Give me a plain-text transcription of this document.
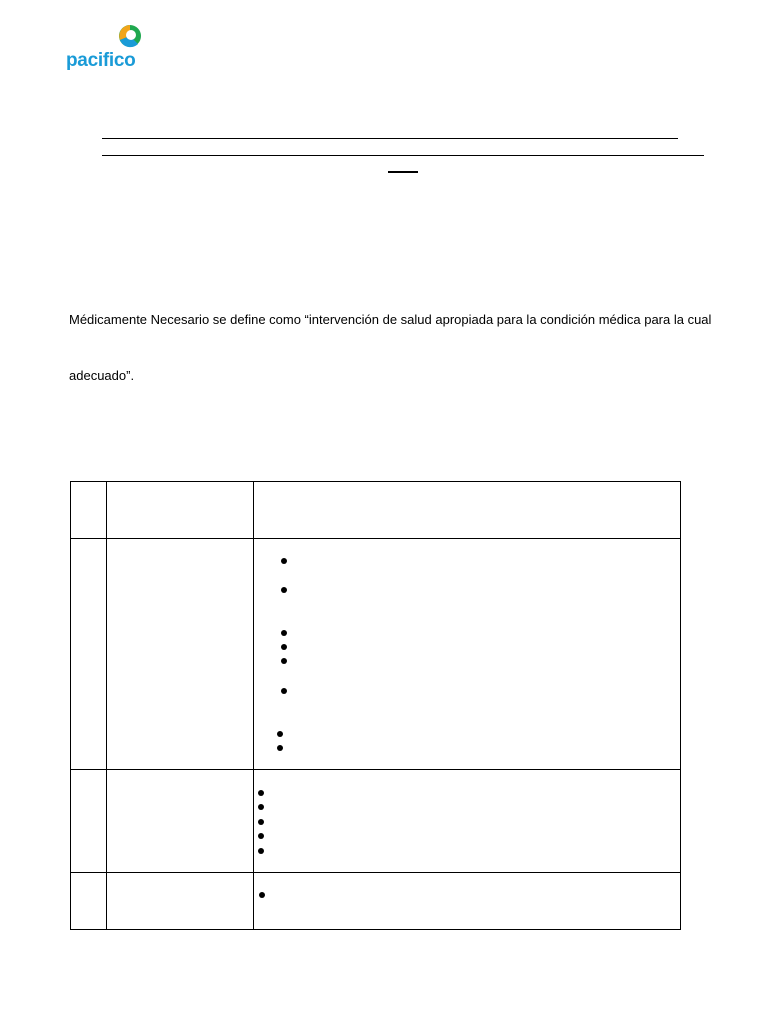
pacifico
Médicamente Necesario se define como “intervención de salud apropiada para la condición médica para la cual
adecuado”.
